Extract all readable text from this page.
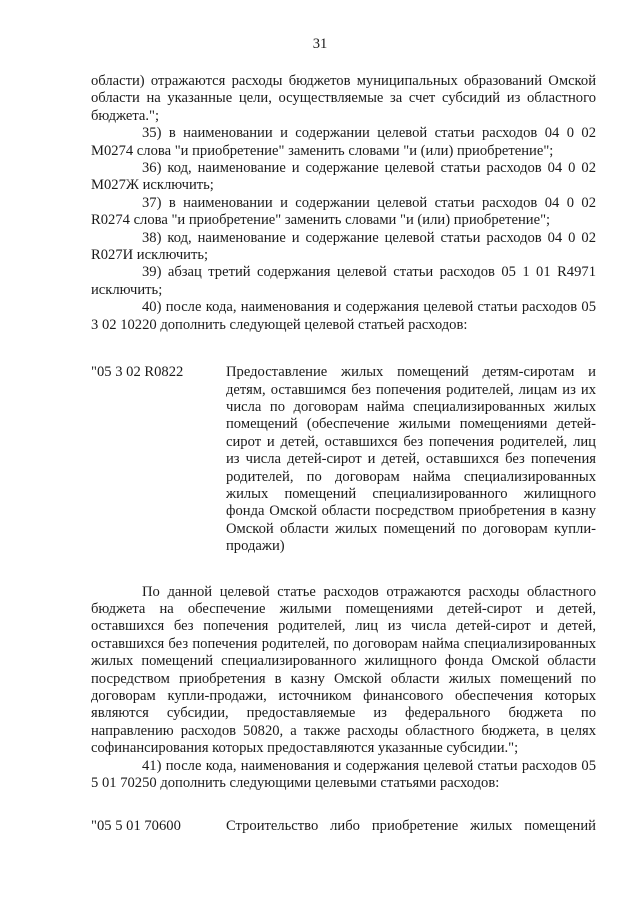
31

области) отражаются расходы бюджетов муниципальных образований Омской области на указанные цели, осуществляемые за счет субсидий из областного бюджета.";

35) в наименовании и содержании целевой статьи расходов 04 0 02 М0274 слова "и приобретение" заменить словами "и (или) приобретение";

36) код, наименование и содержание целевой статьи расходов 04 0 02 М027Ж исключить;

37) в наименовании и содержании целевой статьи расходов 04 0 02 R0274 слова "и приобретение" заменить словами "и (или) приобретение";

38) код, наименование и содержание целевой статьи расходов 04 0 02 R027И исключить;

39) абзац третий содержания целевой статьи расходов 05 1 01 R4971 исключить;

40) после кода, наименования и содержания целевой статьи расходов 05 3 02 10220 дополнить следующей целевой статьей расходов:

"05 3 02 R0822	Предоставление жилых помещений детям-сиротам и детям, оставшимся без попечения родителей, лицам из их числа по договорам найма специализированных жилых помещений (обеспечение жилыми помещениями детей-сирот и детей, оставшихся без попечения родителей, лиц из числа детей-сирот и детей, оставшихся без попечения родителей, по договорам найма специализированных жилых помещений специализированного жилищного фонда Омской области посредством приобретения в казну Омской области жилых помещений по договорам купли-продажи)

По данной целевой статье расходов отражаются расходы областного бюджета на обеспечение жилыми помещениями детей-сирот и детей, оставшихся без попечения родителей, лиц из числа детей-сирот и детей, оставшихся без попечения родителей, по договорам найма специализированных жилых помещений специализированного жилищного фонда Омской области посредством приобретения в казну Омской области жилых помещений по договорам купли-продажи, источником финансового обеспечения которых являются субсидии, предоставляемые из федерального бюджета по направлению расходов 50820, а также расходы областного бюджета, в целях софинансирования которых предоставляются указанные субсидии.";

41) после кода, наименования и содержания целевой статьи расходов 05 5 01 70250 дополнить следующими целевыми статьями расходов:

"05 5 01 70600	Строительство либо приобретение жилых помещений
